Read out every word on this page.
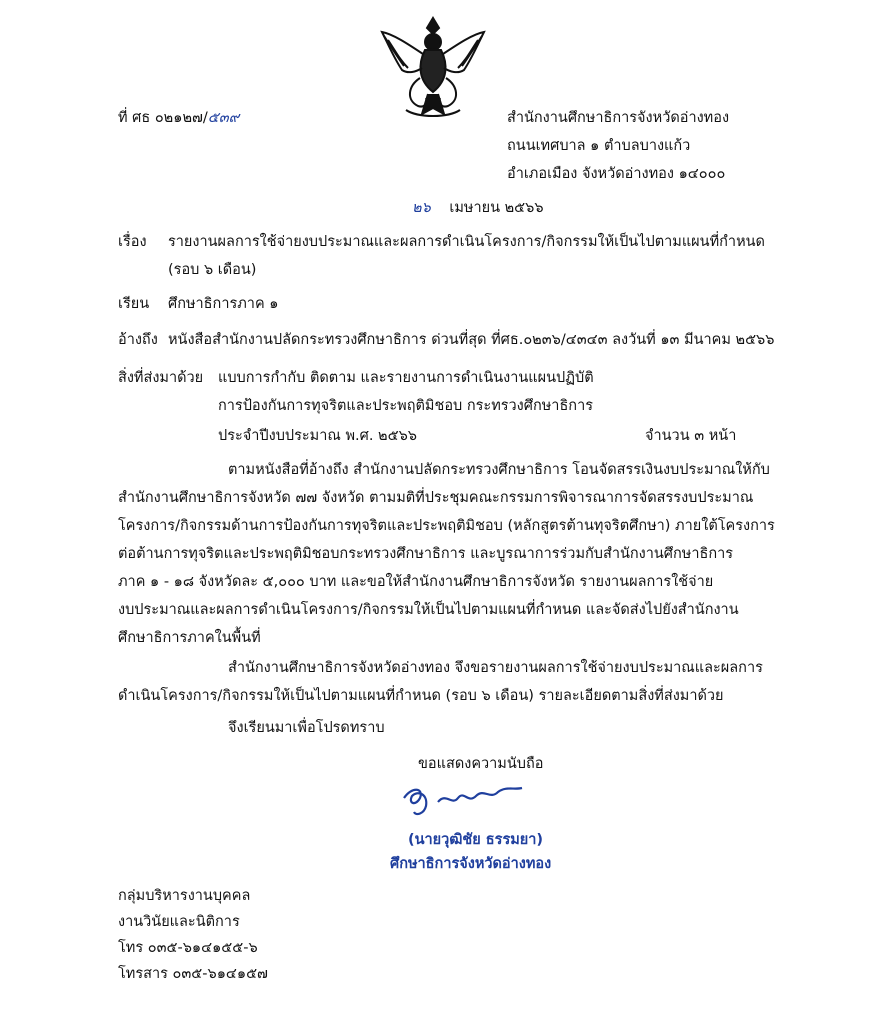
ที่ ศธ ๐๒๑๒๗/๕๓๙	สำนักงานศึกษาธิการจังหวัดอ่างทอง
ถนนเทศบาล ๑ ตำบลบางแก้ว
อำเภอเมือง จังหวัดอ่างทอง ๑๔๐๐๐
๒๖ เมษายน ๒๕๖๖
เรื่อง รายงานผลการใช้จ่ายงบประมาณและผลการดำเนินโครงการ/กิจกรรมให้เป็นไปตามแผนที่กำหนด
(รอบ ๖ เดือน)
เรียน ศึกษาธิการภาค ๑
อ้างถึง หนังสือสำนักงานปลัดกระทรวงศึกษาธิการ ด่วนที่สุด ที่ศธ.๐๒๓๖/๔๓๔๓ ลงวันที่ ๑๓ มีนาคม ๒๕๖๖
สิ่งที่ส่งมาด้วย แบบการกำกับ ติดตาม และรายงานการดำเนินงานแผนปฏิบัติ
การป้องกันการทุจริตและประพฤติมิชอบ กระทรวงศึกษาธิการ
ประจำปีงบประมาณ พ.ศ. ๒๕๖๖	จำนวน ๓ หน้า
ตามหนังสือที่อ้างถึง สำนักงานปลัดกระทรวงศึกษาธิการ โอนจัดสรรเงินงบประมาณให้กับ
สำนักงานศึกษาธิการจังหวัด ๗๗ จังหวัด ตามมติที่ประชุมคณะกรรมการพิจารณาการจัดสรรงบประมาณ
โครงการ/กิจกรรมด้านการป้องกันการทุจริตและประพฤติมิชอบ (หลักสูตรต้านทุจริตศึกษา) ภายใต้โครงการ
ต่อต้านการทุจริตและประพฤติมิชอบกระทรวงศึกษาธิการ และบูรณาการร่วมกับสำนักงานศึกษาธิการ
ภาค ๑ - ๑๘ จังหวัดละ ๕,๐๐๐ บาท และขอให้สำนักงานศึกษาธิการจังหวัด รายงานผลการใช้จ่าย
งบประมาณและผลการดำเนินโครงการ/กิจกรรมให้เป็นไปตามแผนที่กำหนด และจัดส่งไปยังสำนักงาน
ศึกษาธิการภาคในพื้นที่
สำนักงานศึกษาธิการจังหวัดอ่างทอง จึงขอรายงานผลการใช้จ่ายงบประมาณและผลการ
ดำเนินโครงการ/กิจกรรมให้เป็นไปตามแผนที่กำหนด (รอบ ๖ เดือน) รายละเอียดตามสิ่งที่ส่งมาด้วย
จึงเรียนมาเพื่อโปรดทราบ
ขอแสดงความนับถือ
(นายวุฒิชัย ธรรมยา)
ศึกษาธิการจังหวัดอ่างทอง
กลุ่มบริหารงานบุคคล
งานวินัยและนิติการ
โทร ๐๓๕-๖๑๔๑๕๕-๖
โทรสาร ๐๓๕-๖๑๔๑๕๗
